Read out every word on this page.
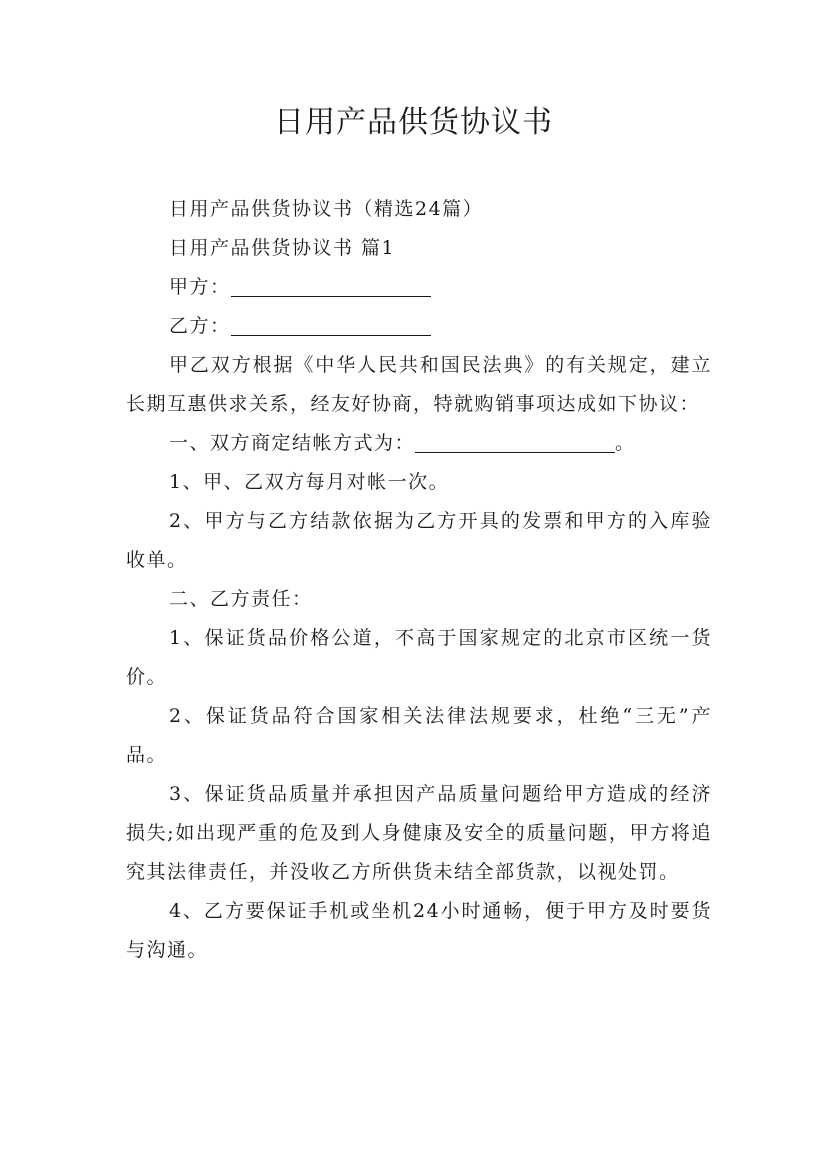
日用产品供货协议书

日用产品供货协议书（精选24篇）

日用产品供货协议书 篇1

甲方：

乙方：

甲乙双方根据《中华人民共和国民法典》的有关规定，建立长期互惠供求关系，经友好协商，特就购销事项达成如下协议：

一、双方商定结帐方式为：	。

1、甲、乙双方每月对帐一次。

2、甲方与乙方结款依据为乙方开具的发票和甲方的入库验收单。

二、乙方责任：

1、保证货品价格公道，不高于国家规定的北京市区统一货价。

2、保证货品符合国家相关法律法规要求，杜绝“三无”产品。

3、保证货品质量并承担因产品质量问题给甲方造成的经济损失;如出现严重的危及到人身健康及安全的质量问题，甲方将追究其法律责任，并没收乙方所供货未结全部货款，以视处罚。

4、乙方要保证手机或坐机24小时通畅，便于甲方及时要货与沟通。
